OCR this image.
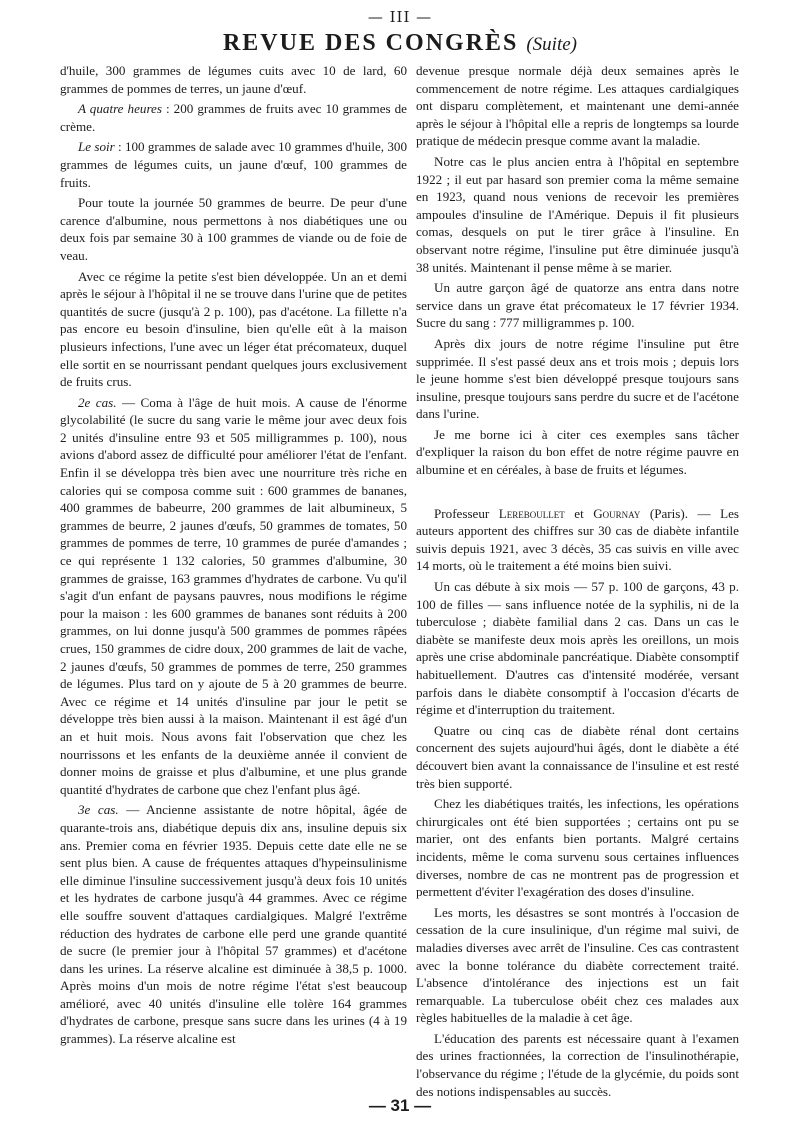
— III —
REVUE DES CONGRÈS (Suite)

d'huile, 300 grammes de légumes cuits avec 10 de lard, 60 grammes de pommes de terres, un jaune d'œuf.

A quatre heures : 200 grammes de fruits avec 10 grammes de crème.

Le soir : 100 grammes de salade avec 10 grammes d'huile, 300 grammes de légumes cuits, un jaune d'œuf, 100 grammes de fruits.

Pour toute la journée 50 grammes de beurre. De peur d'une carence d'albumine, nous permettons à nos diabétiques une ou deux fois par semaine 30 à 100 grammes de viande ou de foie de veau.

Avec ce régime la petite s'est bien développée. Un an et demi après le séjour à l'hôpital il ne se trouve dans l'urine que de petites quantités de sucre (jusqu'à 2 p. 100), pas d'acétone. La fillette n'a pas encore eu besoin d'insuline, bien qu'elle eût à la maison plusieurs infections, l'une avec un léger état précomateux, duquel elle sortit en se nourrissant pendant quelques jours exclusivement de fruits crus.

2e cas. — Coma à l'âge de huit mois. A cause de l'énorme glycolabilité (le sucre du sang varie le même jour avec deux fois 2 unités d'insuline entre 93 et 505 milligrammes p. 100), nous avions d'abord assez de difficulté pour améliorer l'état de l'enfant. Enfin il se développa très bien avec une nourriture très riche en calories qui se composa comme suit : 600 grammes de bananes, 400 grammes de babeurre, 200 grammes de lait albumineux, 5 grammes de beurre, 2 jaunes d'œufs, 50 grammes de tomates, 50 grammes de pommes de terre, 10 grammes de purée d'amandes ; ce qui représente 1 132 calories, 50 grammes d'albumine, 30 grammes de graisse, 163 grammes d'hydrates de carbone. Vu qu'il s'agit d'un enfant de paysans pauvres, nous modifions le régime pour la maison : les 600 grammes de bananes sont réduits à 200 grammes, on lui donne jusqu'à 500 grammes de pommes râpées crues, 150 grammes de cidre doux, 200 grammes de lait de vache, 2 jaunes d'œufs, 50 grammes de pommes de terre, 250 grammes de légumes. Plus tard on y ajoute de 5 à 20 grammes de beurre. Avec ce régime et 14 unités d'insuline par jour le petit se développe très bien aussi à la maison. Maintenant il est âgé d'un an et huit mois. Nous avons fait l'observation que chez les nourrissons et les enfants de la deuxième année il convient de donner moins de graisse et plus d'albumine, et une plus grande quantité d'hydrates de carbone que chez l'enfant plus âgé.

3e cas. — Ancienne assistante de notre hôpital, âgée de quarante-trois ans, diabétique depuis dix ans, insuline depuis six ans. Premier coma en février 1935. Depuis cette date elle ne se sent plus bien. A cause de fréquentes attaques d'hypeinsulinisme elle diminue l'insuline successivement jusqu'à deux fois 10 unités et les hydrates de carbone jusqu'à 44 grammes. Avec ce régime elle souffre souvent d'attaques cardialgiques. Malgré l'extrême réduction des hydrates de carbone elle perd une grande quantité de sucre (le premier jour à l'hôpital 57 grammes) et d'acétone dans les urines. La réserve alcaline est diminuée à 38,5 p. 1000. Après moins d'un mois de notre régime l'état s'est beaucoup amélioré, avec 40 unités d'insuline elle tolère 164 grammes d'hydrates de carbone, presque sans sucre dans les urines (4 à 19 grammes). La réserve alcaline est

devenue presque normale déjà deux semaines après le commencement de notre régime. Les attaques cardialgiques ont disparu complètement, et maintenant une demi-année après le séjour à l'hôpital elle a repris de longtemps sa lourde pratique de médecin presque comme avant la maladie.

Notre cas le plus ancien entra à l'hôpital en septembre 1922 ; il eut par hasard son premier coma la même semaine en 1923, quand nous venions de recevoir les premières ampoules d'insuline de l'Amérique. Depuis il fit plusieurs comas, desquels on put le tirer grâce à l'insuline. En observant notre régime, l'insuline put être diminuée jusqu'à 38 unités. Maintenant il pense même à se marier.

Un autre garçon âgé de quatorze ans entra dans notre service dans un grave état précomateux le 17 février 1934. Sucre du sang : 777 milligrammes p. 100.

Après dix jours de notre régime l'insuline put être supprimée. Il s'est passé deux ans et trois mois ; depuis lors le jeune homme s'est bien développé presque toujours sans insuline, presque toujours sans perdre du sucre et de l'acétone dans l'urine.

Je me borne ici à citer ces exemples sans tâcher d'expliquer la raison du bon effet de notre régime pauvre en albumine et en céréales, à base de fruits et légumes.

Professeur Lereboullet et Gournay (Paris). — Les auteurs apportent des chiffres sur 30 cas de diabète infantile suivis depuis 1921, avec 3 décès, 35 cas suivis en ville avec 14 morts, où le traitement a été moins bien suivi.

Un cas débute à six mois — 57 p. 100 de garçons, 43 p. 100 de filles — sans influence notée de la syphilis, ni de la tuberculose ; diabète familial dans 2 cas. Dans un cas le diabète se manifeste deux mois après les oreillons, un mois après une crise abdominale pancréatique. Diabète consomptif habituellement. D'autres cas d'intensité modérée, versant parfois dans le diabète consomptif à l'occasion d'écarts de régime et d'interruption du traitement.

Quatre ou cinq cas de diabète rénal dont certains concernent des sujets aujourd'hui âgés, dont le diabète a été découvert bien avant la connaissance de l'insuline et est resté très bien supporté.

Chez les diabétiques traités, les infections, les opérations chirurgicales ont été bien supportées ; certains ont pu se marier, ont des enfants bien portants. Malgré certains incidents, même le coma survenu sous certaines influences diverses, nombre de cas ne montrent pas de progression et permettent d'éviter l'exagération des doses d'insuline.

Les morts, les désastres se sont montrés à l'occasion de cessation de la cure insulinique, d'un régime mal suivi, de maladies diverses avec arrêt de l'insuline. Ces cas contrastent avec la bonne tolérance du diabète correctement traité. L'absence d'intolérance des injections est un fait remarquable. La tuberculose obéit chez ces malades aux règles habituelles de la maladie à cet âge.

L'éducation des parents est nécessaire quant à l'examen des urines fractionnées, la correction de l'insulinothérapie, l'observance du régime ; l'étude de la glycémie, du poids sont des notions indispensables au succès.

— 31 —
